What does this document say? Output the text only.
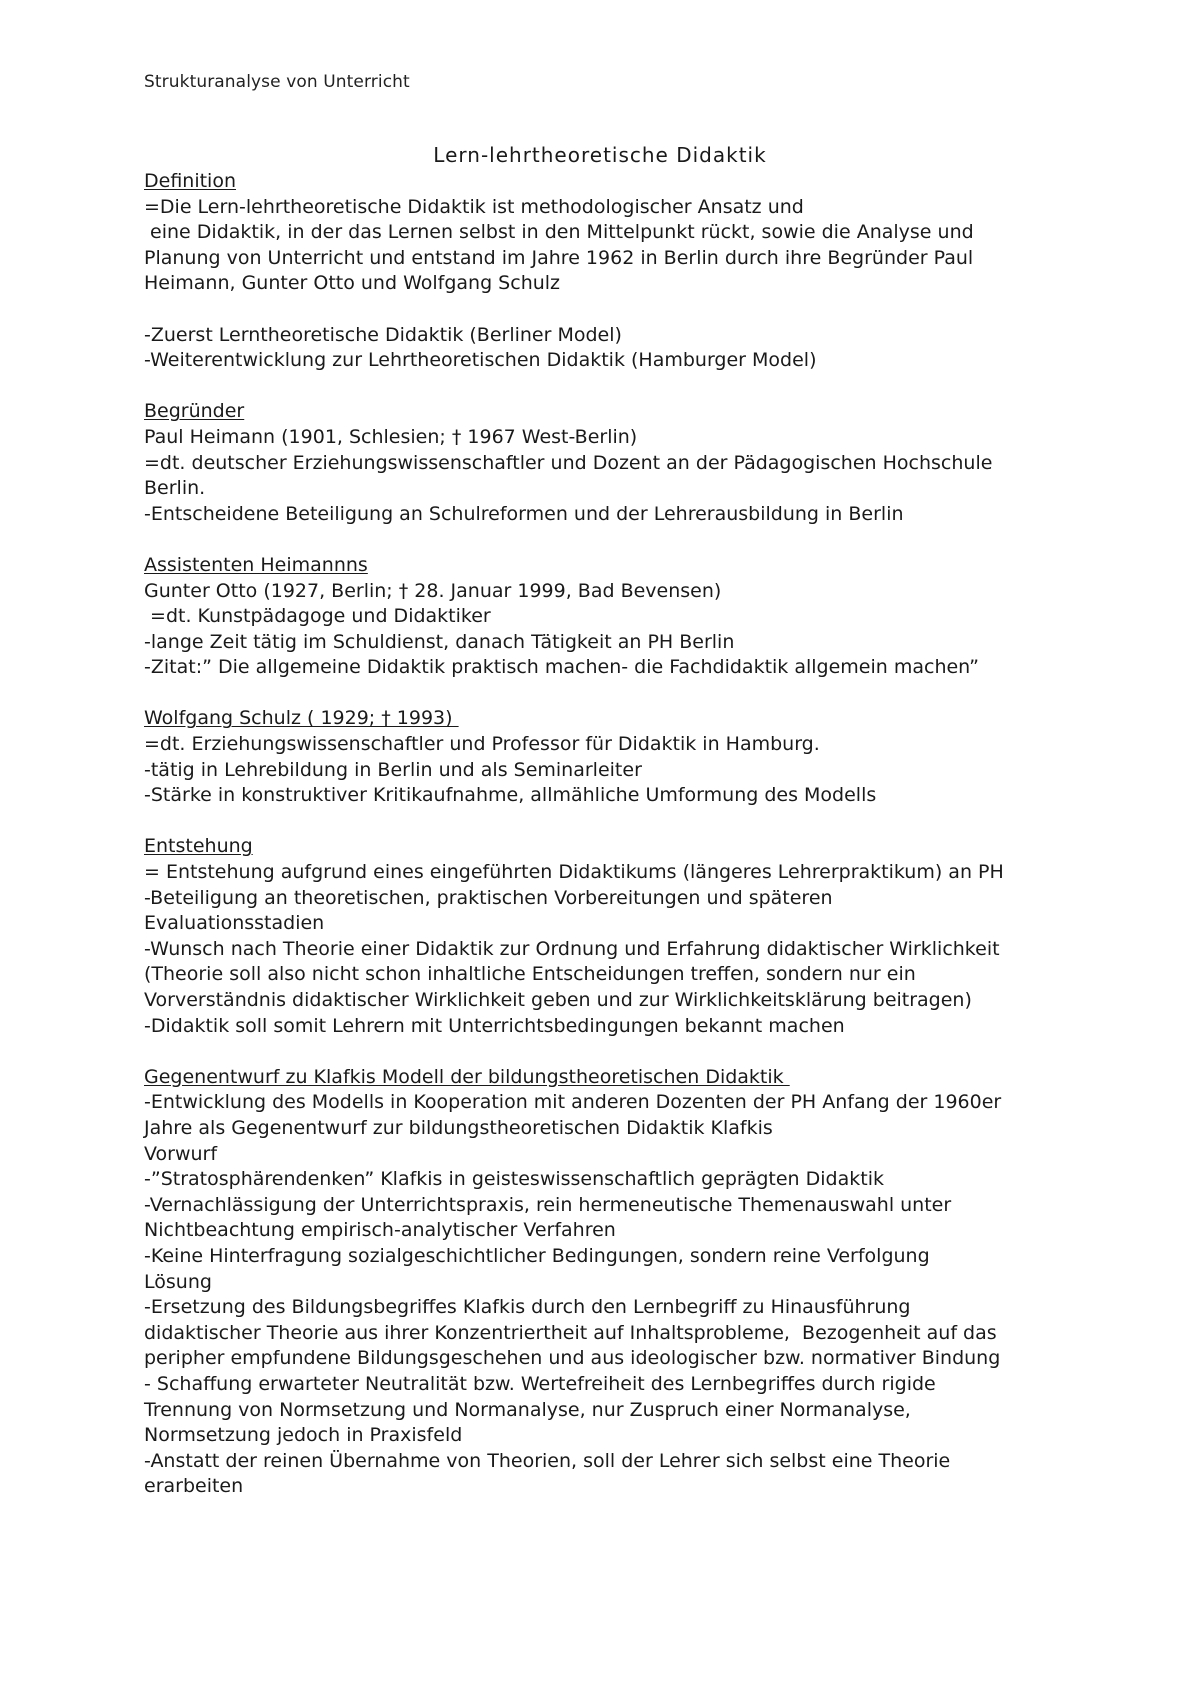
Strukturanalyse von Unterricht
Lern-lehrtheoretische Didaktik
Definition
=Die Lern-lehrtheoretische Didaktik ist methodologischer Ansatz und
eine Didaktik, in der das Lernen selbst in den Mittelpunkt rückt, sowie die Analyse und
Planung von Unterricht und entstand im Jahre 1962 in Berlin durch ihre Begründer Paul
Heimann, Gunter Otto und Wolfgang Schulz
-Zuerst Lerntheoretische Didaktik (Berliner Model)
-Weiterentwicklung zur Lehrtheoretischen Didaktik (Hamburger Model)
Begründer
Paul Heimann (1901, Schlesien; † 1967 West-Berlin)
=dt. deutscher Erziehungswissenschaftler und Dozent an der Pädagogischen Hochschule
Berlin.
-Entscheidene Beteiligung an Schulreformen und der Lehrerausbildung in Berlin
Assistenten Heimannns
Gunter Otto (1927, Berlin; † 28. Januar 1999, Bad Bevensen)
=dt. Kunstpädagoge und Didaktiker
-lange Zeit tätig im Schuldienst, danach Tätigkeit an PH Berlin
-Zitat:” Die allgemeine Didaktik praktisch machen- die Fachdidaktik allgemein machen”
Wolfgang Schulz ( 1929; † 1993)
=dt. Erziehungswissenschaftler und Professor für Didaktik in Hamburg.
-tätig in Lehrebildung in Berlin und als Seminarleiter
-Stärke in konstruktiver Kritikaufnahme, allmähliche Umformung des Modells
Entstehung
= Entstehung aufgrund eines eingeführten Didaktikums (längeres Lehrerpraktikum) an PH
-Beteiligung an theoretischen, praktischen Vorbereitungen und späteren
Evaluationsstadien
-Wunsch nach Theorie einer Didaktik zur Ordnung und Erfahrung didaktischer Wirklichkeit
(Theorie soll also nicht schon inhaltliche Entscheidungen treffen, sondern nur ein
Vorverständnis didaktischer Wirklichkeit geben und zur Wirklichkeitsklärung beitragen)
-Didaktik soll somit Lehrern mit Unterrichtsbedingungen bekannt machen
Gegenentwurf zu Klafkis Modell der bildungstheoretischen Didaktik
-Entwicklung des Modells in Kooperation mit anderen Dozenten der PH Anfang der 1960er
Jahre als Gegenentwurf zur bildungstheoretischen Didaktik Klafkis
Vorwurf
-”Stratosphärendenken” Klafkis in geisteswissenschaftlich geprägten Didaktik
-Vernachlässigung der Unterrichtspraxis, rein hermeneutische Themenauswahl unter
Nichtbeachtung empirisch-analytischer Verfahren
-Keine Hinterfragung sozialgeschichtlicher Bedingungen, sondern reine Verfolgung
Lösung
-Ersetzung des Bildungsbegriffes Klafkis durch den Lernbegriff zu Hinausführung
didaktischer Theorie aus ihrer Konzentriertheit auf Inhaltsprobleme,  Bezogenheit auf das
peripher empfundene Bildungsgeschehen und aus ideologischer bzw. normativer Bindung
- Schaffung erwarteter Neutralität bzw. Wertefreiheit des Lernbegriffes durch rigide
Trennung von Normsetzung und Normanalyse, nur Zuspruch einer Normanalyse,
Normsetzung jedoch in Praxisfeld
-Anstatt der reinen Übernahme von Theorien, soll der Lehrer sich selbst eine Theorie
erarbeiten
